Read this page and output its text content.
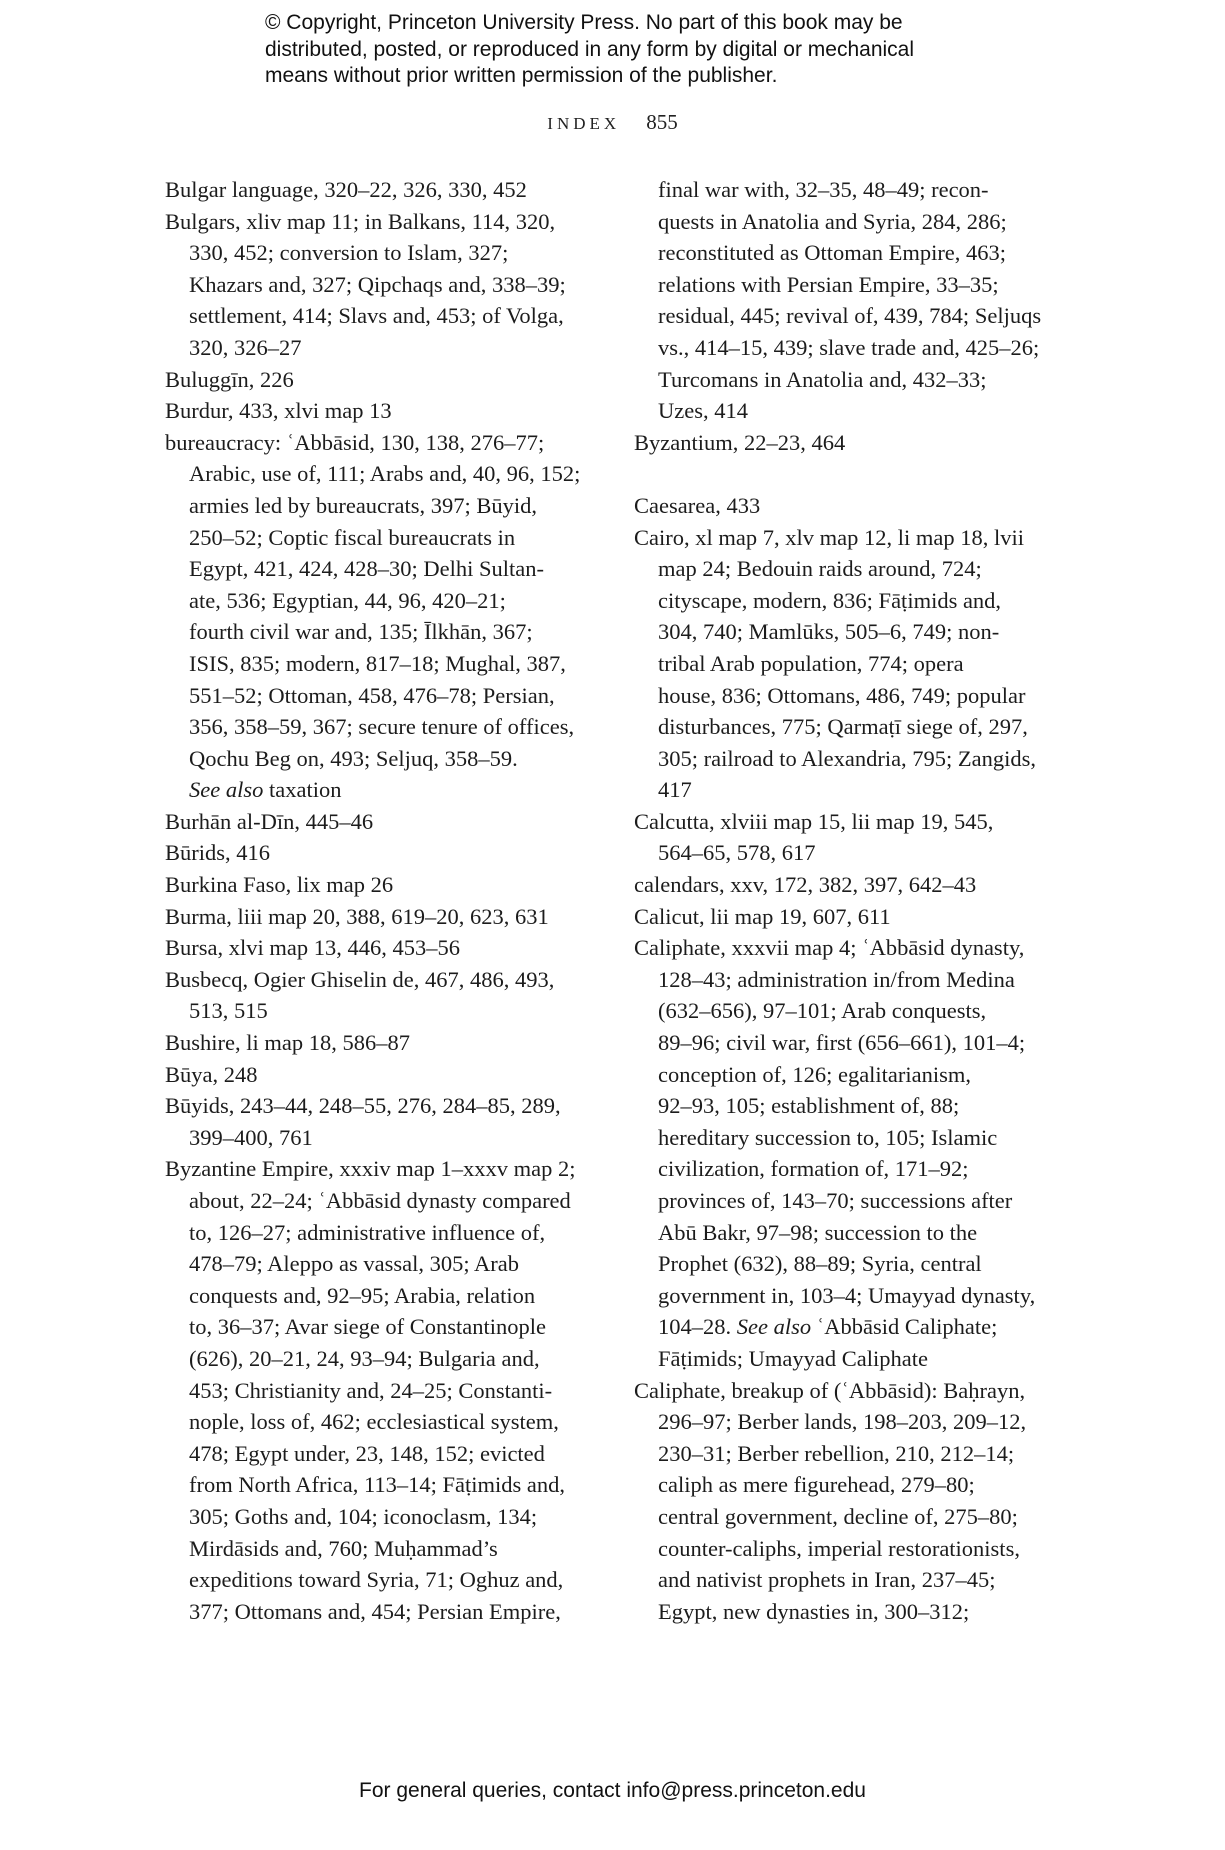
© Copyright, Princeton University Press. No part of this book may be
distributed, posted, or reproduced in any form by digital or mechanical
means without prior written permission of the publisher.
INDEX 855
Bulgar language, 320–22, 326, 330, 452
Bulgars, xliv map 11; in Balkans, 114, 320,
330, 452; conversion to Islam, 327;
Khazars and, 327; Qipchaqs and, 338–39;
settlement, 414; Slavs and, 453; of Volga,
320, 326–27
Buluggīn, 226
Burdur, 433, xlvi map 13
bureaucracy: ʿAbbāsid, 130, 138, 276–77;
Arabic, use of, 111; Arabs and, 40, 96, 152;
armies led by bureaucrats, 397; Būyid,
250–52; Coptic fiscal bureaucrats in
Egypt, 421, 424, 428–30; Delhi Sultan-
ate, 536; Egyptian, 44, 96, 420–21;
fourth civil war and, 135; Īlkhān, 367;
ISIS, 835; modern, 817–18; Mughal, 387,
551–52; Ottoman, 458, 476–78; Persian,
356, 358–59, 367; secure tenure of offices,
Qochu Beg on, 493; Seljuq, 358–59.
See also taxation
Burhān al-Dīn, 445–46
Būrids, 416
Burkina Faso, lix map 26
Burma, liii map 20, 388, 619–20, 623, 631
Bursa, xlvi map 13, 446, 453–56
Busbecq, Ogier Ghiselin de, 467, 486, 493,
513, 515
Bushire, li map 18, 586–87
Būya, 248
Būyids, 243–44, 248–55, 276, 284–85, 289,
399–400, 761
Byzantine Empire, xxxiv map 1–xxxv map 2;
about, 22–24; ʿAbbāsid dynasty compared
to, 126–27; administrative influence of,
478–79; Aleppo as vassal, 305; Arab
conquests and, 92–95; Arabia, relation
to, 36–37; Avar siege of Constantinople
(626), 20–21, 24, 93–94; Bulgaria and,
453; Christianity and, 24–25; Constanti-
nople, loss of, 462; ecclesiastical system,
478; Egypt under, 23, 148, 152; evicted
from North Africa, 113–14; Fāṭimids and,
305; Goths and, 104; iconoclasm, 134;
Mirdāsids and, 760; Muḥammad’s
expeditions toward Syria, 71; Oghuz and,
377; Ottomans and, 454; Persian Empire,
final war with, 32–35, 48–49; recon-
quests in Anatolia and Syria, 284, 286;
reconstituted as Ottoman Empire, 463;
relations with Persian Empire, 33–35;
residual, 445; revival of, 439, 784; Seljuqs
vs., 414–15, 439; slave trade and, 425–26;
Turcomans in Anatolia and, 432–33;
Uzes, 414
Byzantium, 22–23, 464
Caesarea, 433
Cairo, xl map 7, xlv map 12, li map 18, lvii
map 24; Bedouin raids around, 724;
cityscape, modern, 836; Fāṭimids and,
304, 740; Mamlūks, 505–6, 749; non-
tribal Arab population, 774; opera
house, 836; Ottomans, 486, 749; popular
disturbances, 775; Qarmaṭī siege of, 297,
305; railroad to Alexandria, 795; Zangids,
417
Calcutta, xlviii map 15, lii map 19, 545,
564–65, 578, 617
calendars, xxv, 172, 382, 397, 642–43
Calicut, lii map 19, 607, 611
Caliphate, xxxvii map 4; ʿAbbāsid dynasty,
128–43; administration in/from Medina
(632–656), 97–101; Arab conquests,
89–96; civil war, first (656–661), 101–4;
conception of, 126; egalitarianism,
92–93, 105; establishment of, 88;
hereditary succession to, 105; Islamic
civilization, formation of, 171–92;
provinces of, 143–70; successions after
Abū Bakr, 97–98; succession to the
Prophet (632), 88–89; Syria, central
government in, 103–4; Umayyad dynasty,
104–28. See also ʿAbbāsid Caliphate;
Fāṭimids; Umayyad Caliphate
Caliphate, breakup of (ʿAbbāsid): Baḥrayn,
296–97; Berber lands, 198–203, 209–12,
230–31; Berber rebellion, 210, 212–14;
caliph as mere figurehead, 279–80;
central government, decline of, 275–80;
counter-caliphs, imperial restorationists,
and nativist prophets in Iran, 237–45;
Egypt, new dynasties in, 300–312;
For general queries, contact info@press.princeton.edu
